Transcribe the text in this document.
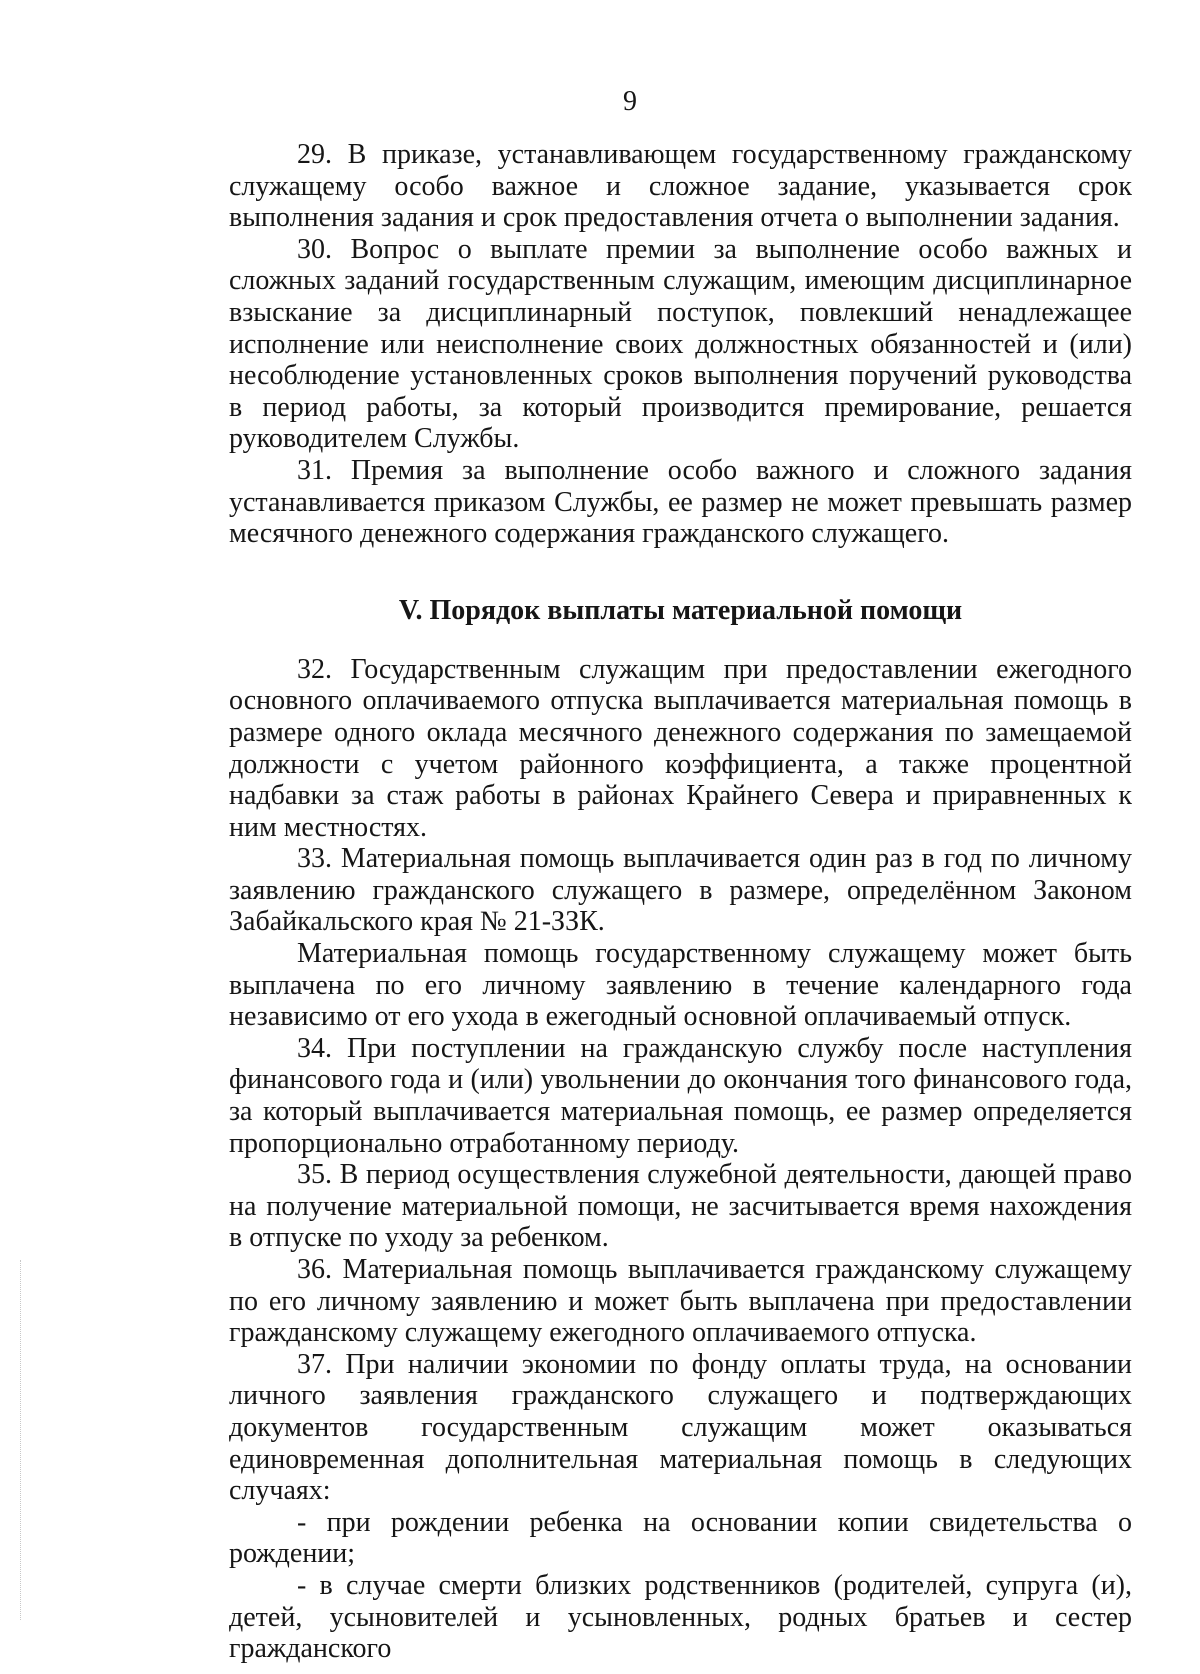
9

29. В приказе, устанавливающем государственному гражданскому служащему особо важное и сложное задание, указывается срок выполнения задания и срок предоставления отчета о выполнении задания.

30. Вопрос о выплате премии за выполнение особо важных и сложных заданий государственным служащим, имеющим дисциплинарное взыскание за дисциплинарный поступок, повлекший ненадлежащее исполнение или неисполнение своих должностных обязанностей и (или) несоблюдение установленных сроков выполнения поручений руководства в период работы, за который производится премирование, решается руководителем Службы.

31. Премия за выполнение особо важного и сложного задания устанавливается приказом Службы, ее размер не может превышать размер месячного денежного содержания гражданского служащего.

V. Порядок выплаты материальной помощи

32. Государственным служащим при предоставлении ежегодного основного оплачиваемого отпуска выплачивается материальная помощь в размере одного оклада месячного денежного содержания по замещаемой должности с учетом районного коэффициента, а также процентной надбавки за стаж работы в районах Крайнего Севера и приравненных к ним местностях.

33. Материальная помощь выплачивается один раз в год по личному заявлению гражданского служащего в размере, определённом Законом Забайкальского края № 21-ЗЗК.

Материальная помощь государственному служащему может быть выплачена по его личному заявлению в течение календарного года независимо от его ухода в ежегодный основной оплачиваемый отпуск.

34. При поступлении на гражданскую службу после наступления финансового года и (или) увольнении до окончания того финансового года, за который выплачивается материальная помощь, ее размер определяется пропорционально отработанному периоду.

35. В период осуществления служебной деятельности, дающей право на получение материальной помощи, не засчитывается время нахождения в отпуске по уходу за ребенком.

36. Материальная помощь выплачивается гражданскому служащему по его личному заявлению и может быть выплачена при предоставлении гражданскому служащему ежегодного оплачиваемого отпуска.

37. При наличии экономии по фонду оплаты труда, на основании личного заявления гражданского служащего и подтверждающих документов государственным служащим может оказываться единовременная дополнительная материальная помощь в следующих случаях:

- при рождении ребенка на основании копии свидетельства о рождении;

- в случае смерти близких родственников (родителей, супруга (и), детей, усыновителей и усыновленных, родных братьев и сестер гражданского
